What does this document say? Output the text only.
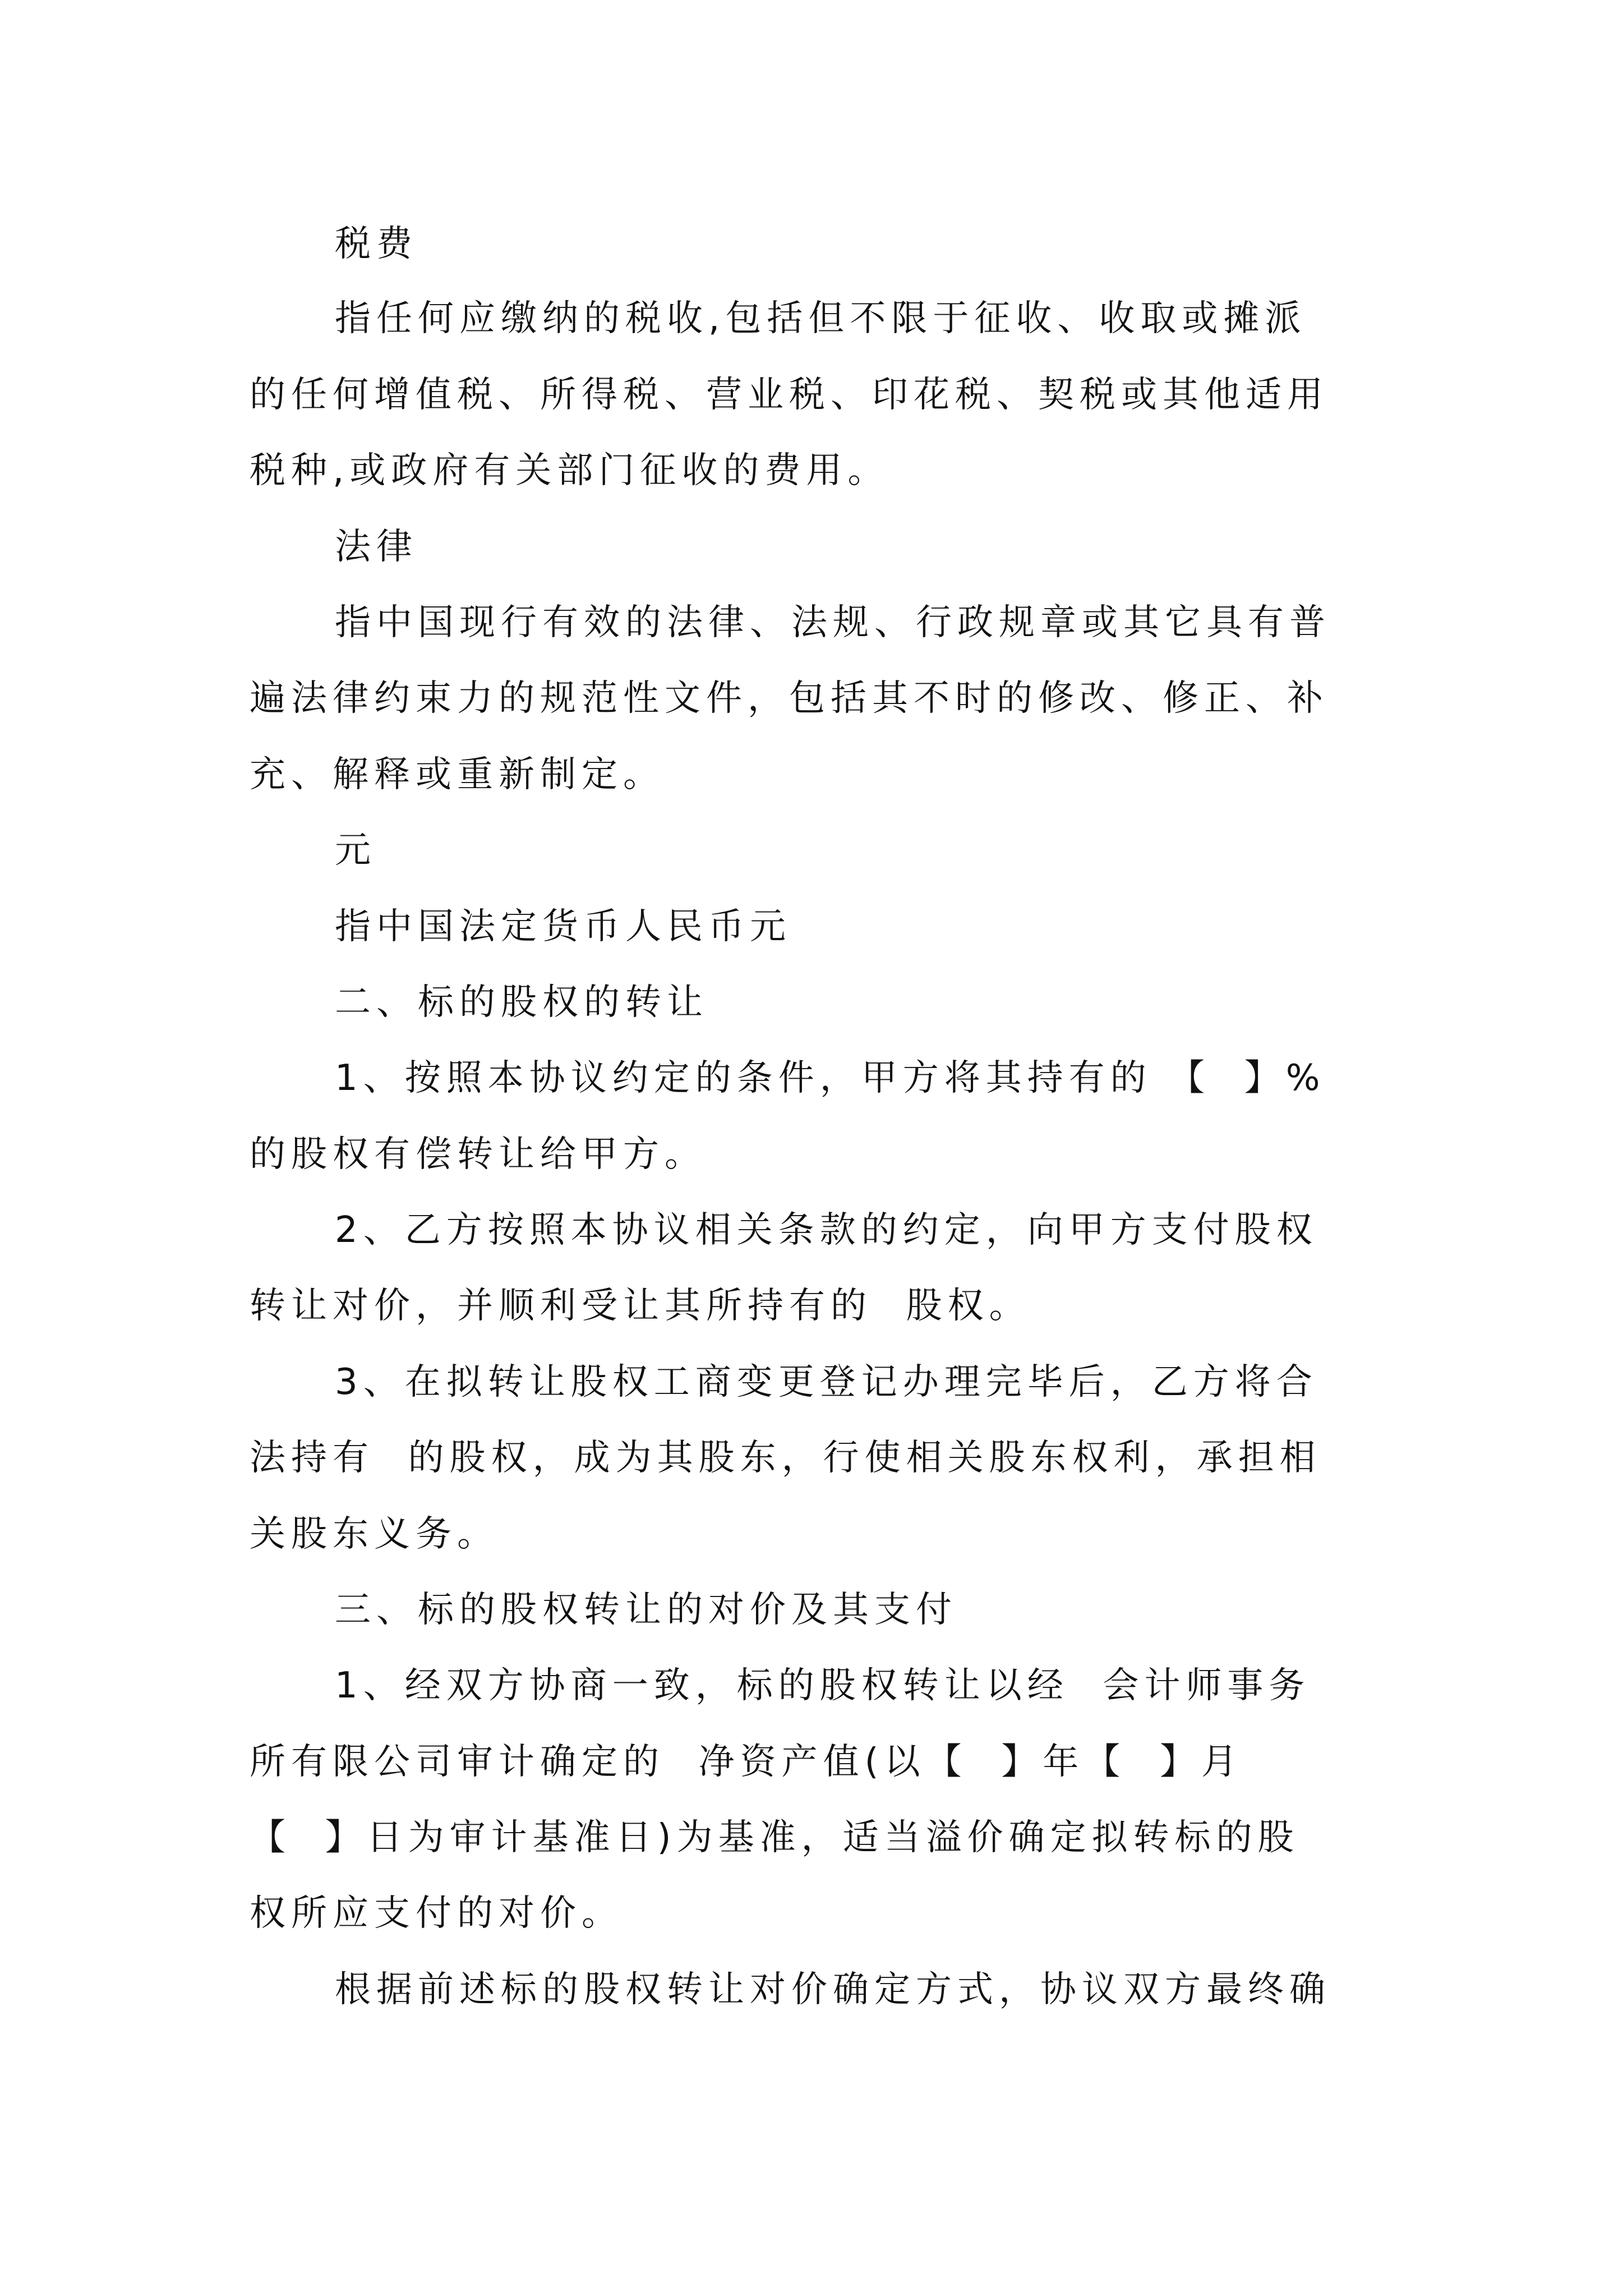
税费

指任何应缴纳的税收,包括但不限于征收、收取或摊派

的任何增值税、所得税、营业税、印花税、契税或其他适用

税种,或政府有关部门征收的费用。

法律

指中国现行有效的法律、法规、行政规章或其它具有普

遍法律约束力的规范性文件，包括其不时的修改、修正、补

充、解释或重新制定。

元

指中国法定货币人民币元

二、标的股权的转让

1、按照本协议约定的条件，甲方将其持有的 【  】%

的股权有偿转让给甲方。

2、乙方按照本协议相关条款的约定，向甲方支付股权

转让对价，并顺利受让其所持有的  股权。

3、在拟转让股权工商变更登记办理完毕后，乙方将合

法持有  的股权，成为其股东，行使相关股东权利，承担相

关股东义务。

三、标的股权转让的对价及其支付

1、经双方协商一致，标的股权转让以经  会计师事务

所有限公司审计确定的  净资产值(以【  】年【  】月

【  】日为审计基准日)为基准，适当溢价确定拟转标的股

权所应支付的对价。

根据前述标的股权转让对价确定方式，协议双方最终确
